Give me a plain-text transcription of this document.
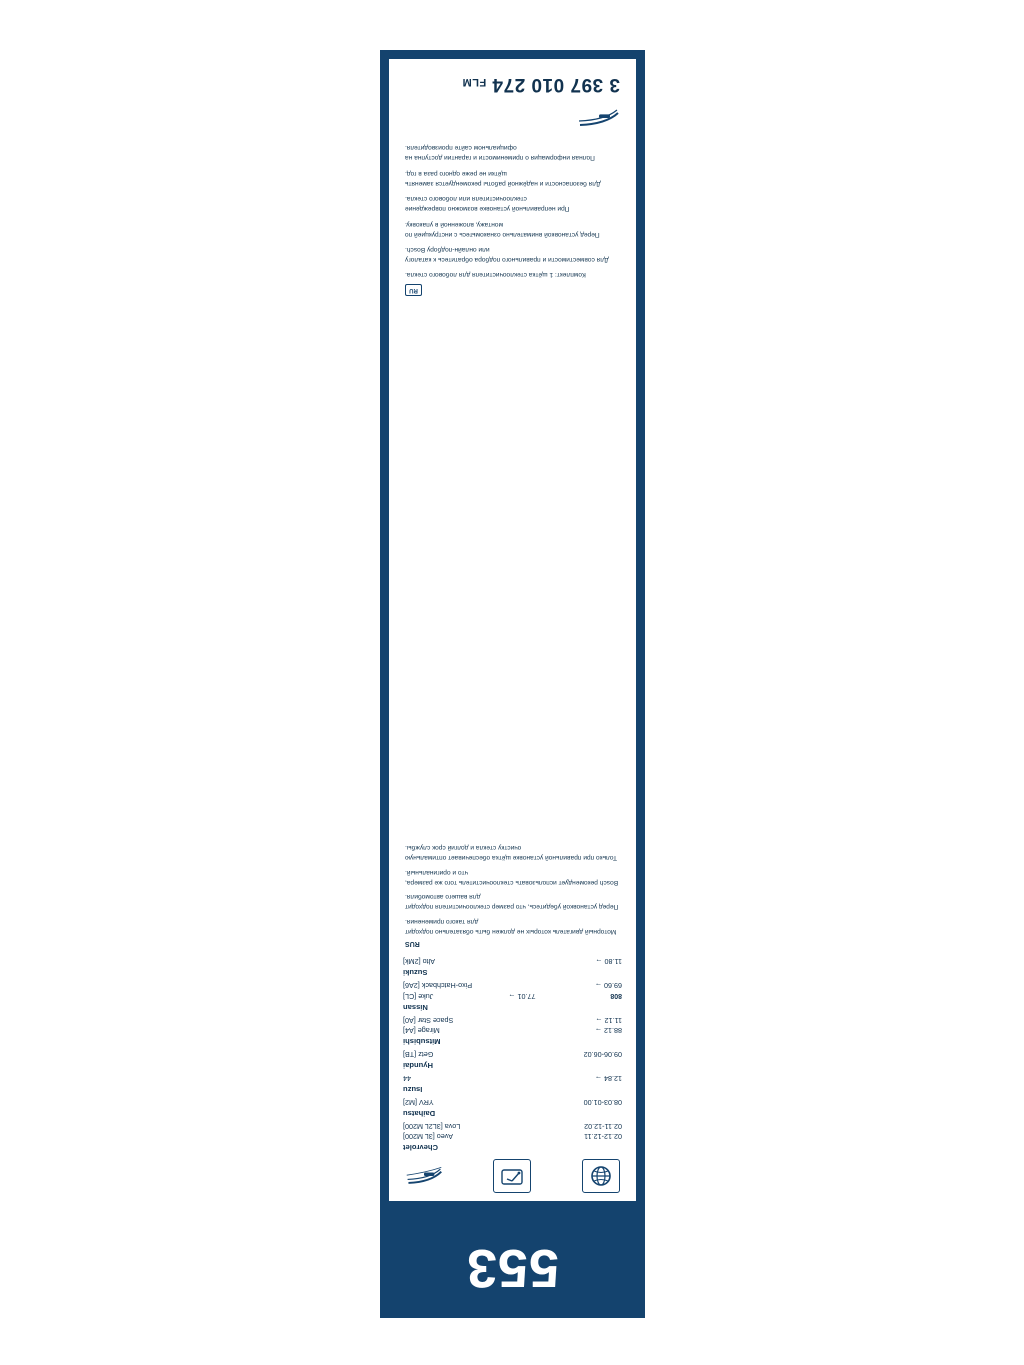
553
Chevrolet
02.12-12.11
Aveo [3L M200]
02.11-12.02
Lova [3L2L M200]
Daihatsu
08.03-01.00
YRV [M2]
Isuzu
12.84 →
44
Hyundai
09.06-06.02
Getz [TB]
Mitsubishi
88.12 →
Mirage [A4]
11.12 →
Space Star [A0]
Nissan
808
77.01 →
Juke [CL]
69.60 →
Pixo-Hatchback [2A6]
Suzuki
11.80 →
Alto [2Mk]
RUS

Моторный двигатель которых не должен быть обязательно подходит для такого применения.

Перед установкой убедитесь, что размер стеклоочистителя подходит для вашего автомобиля.

Bosch рекомендует использовать стеклоочиститель того же размера, что и оригинальный.

Только при правильной установке щётка обеспечивает оптимальную очистку стекла и долгий срок службы.

RU

Комплект: 1 щётка стеклоочистителя для лобового стекла.

Для совместимости и правильного подбора обратитесь к каталогу или онлайн-подбору Bosch.

Перед установкой внимательно ознакомьтесь с инструкцией по монтажу, вложенной в упаковку.

При неправильной установке возможно повреждение стеклоочистителя или лобового стекла.

Для безопасности и надёжной работы рекомендуется заменять щётки не реже одного раза в год.

Полная информация о применимости и гарантии доступна на официальном сайте производителя.

3 397 010 274 FLM
